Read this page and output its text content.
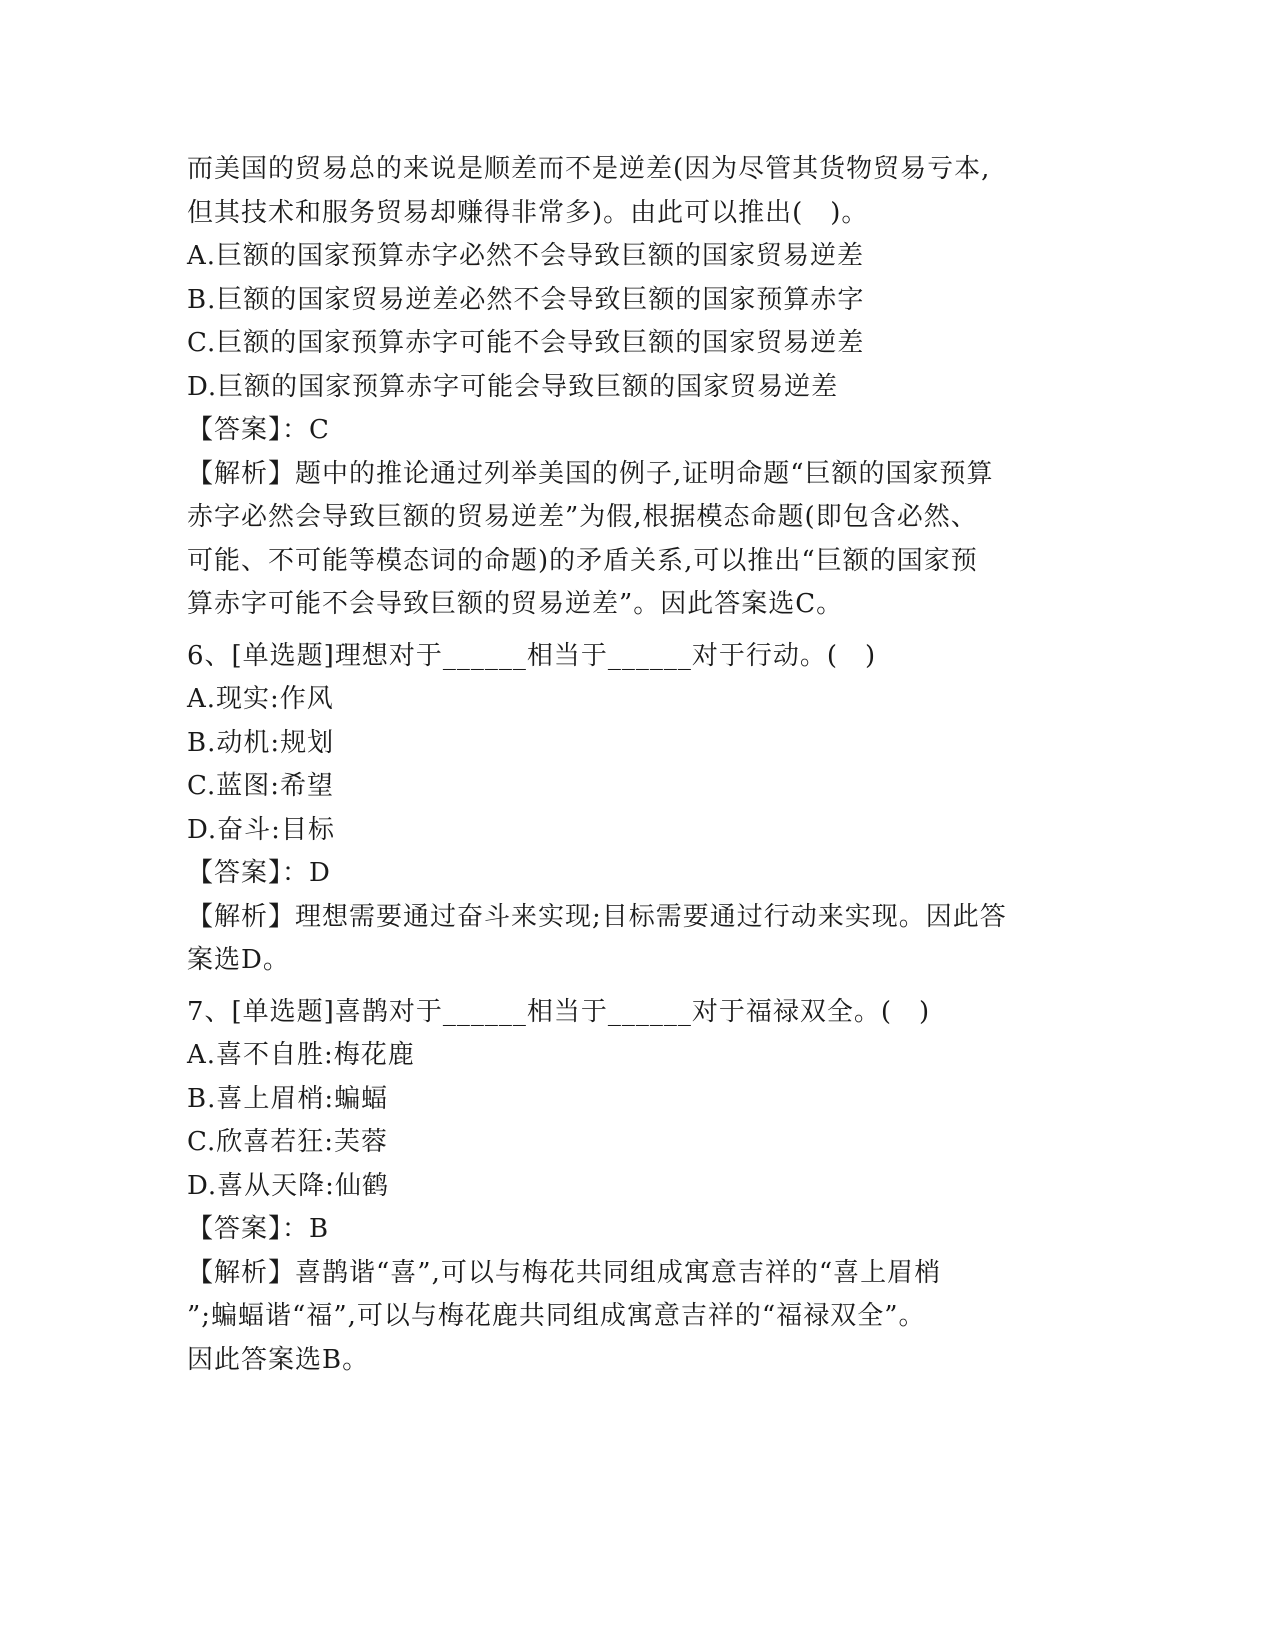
而美国的贸易总的来说是顺差而不是逆差(因为尽管其货物贸易亏本,
但其技术和服务贸易却赚得非常多)。由此可以推出(　)。
A.巨额的国家预算赤字必然不会导致巨额的国家贸易逆差
B.巨额的国家贸易逆差必然不会导致巨额的国家预算赤字
C.巨额的国家预算赤字可能不会导致巨额的国家贸易逆差
D.巨额的国家预算赤字可能会导致巨额的国家贸易逆差
【答案】：C
【解析】题中的推论通过列举美国的例子,证明命题“巨额的国家预算
赤字必然会导致巨额的贸易逆差”为假,根据模态命题(即包含必然、
可能、不可能等模态词的命题)的矛盾关系,可以推出“巨额的国家预
算赤字可能不会导致巨额的贸易逆差”。因此答案选C。
6、[单选题]理想对于______相当于______对于行动。(　)
A.现实:作风
B.动机:规划
C.蓝图:希望
D.奋斗:目标
【答案】：D
【解析】理想需要通过奋斗来实现;目标需要通过行动来实现。因此答
案选D。
7、[单选题]喜鹊对于______相当于______对于福禄双全。(　)
A.喜不自胜:梅花鹿
B.喜上眉梢:蝙蝠
C.欣喜若狂:芙蓉
D.喜从天降:仙鹤
【答案】：B
【解析】喜鹊谐“喜”,可以与梅花共同组成寓意吉祥的“喜上眉梢
”;蝙蝠谐“福”,可以与梅花鹿共同组成寓意吉祥的“福禄双全”。
因此答案选B。
